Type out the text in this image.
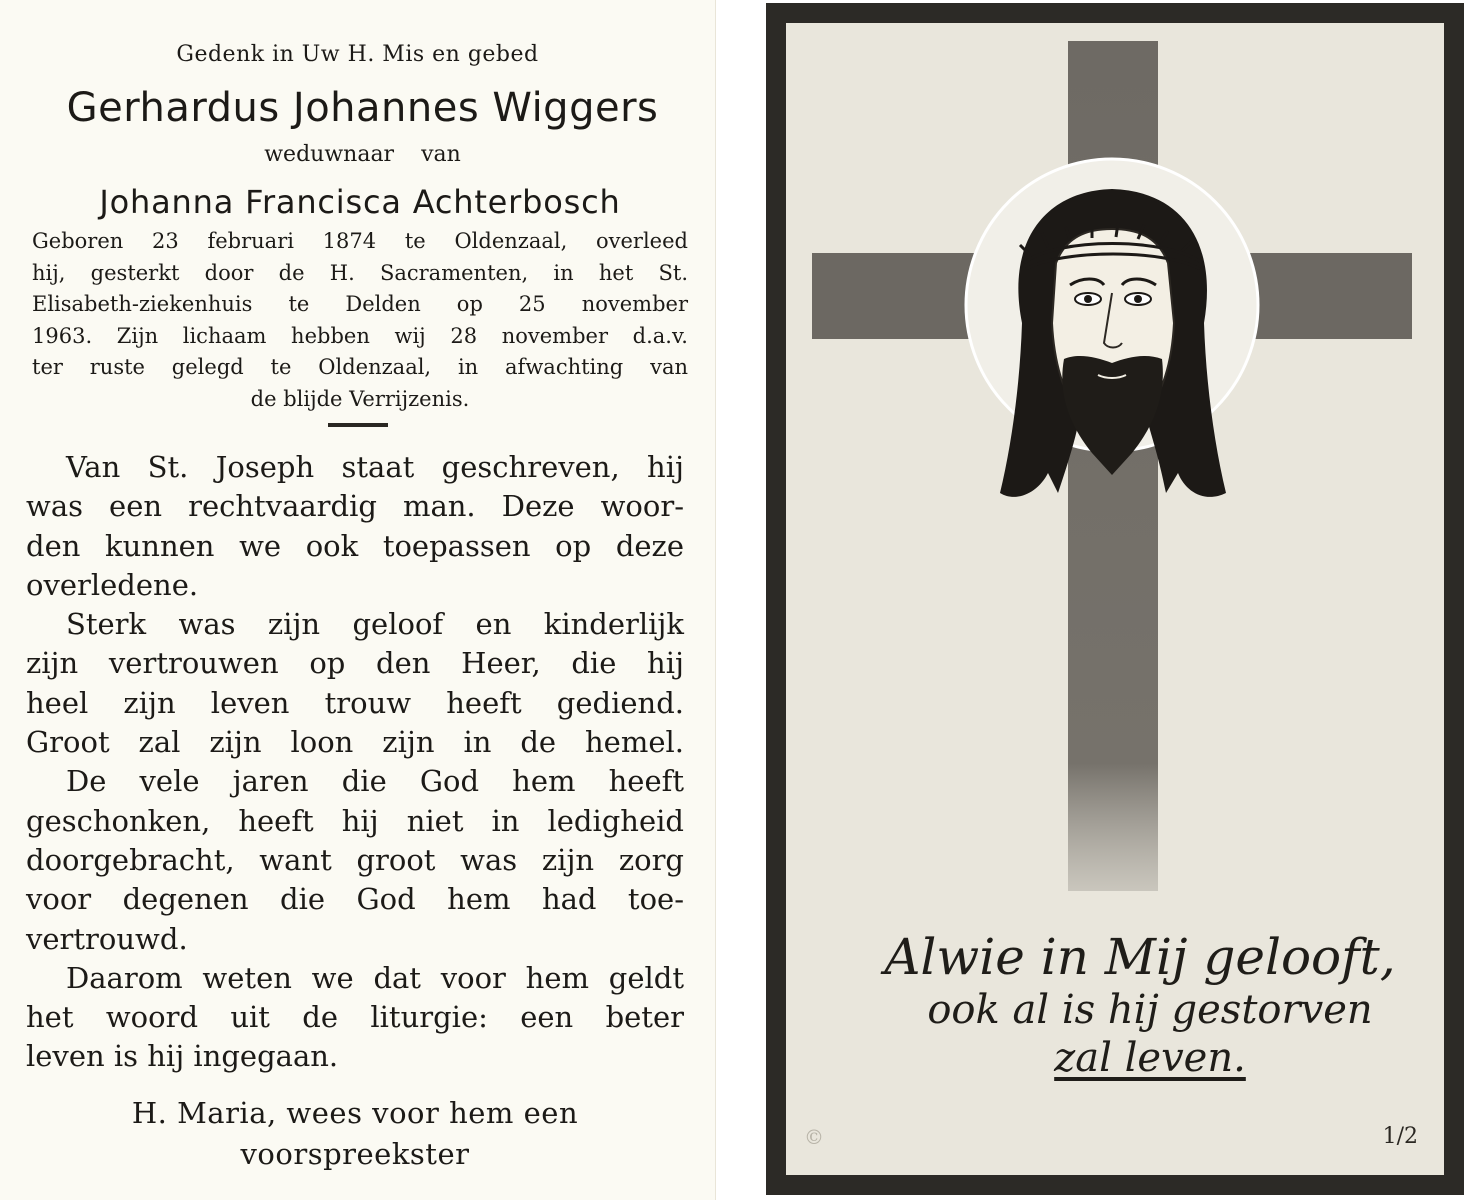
Gedenk in Uw H. Mis en gebed
Gerhardus Johannes Wiggers
weduwnaar van
Johanna Francisca Achterbosch
Geboren 23 februari 1874 te Oldenzaal, overleed
hij, gesterkt door de H. Sacramenten, in het St.
Elisabeth-ziekenhuis te Delden op 25 november
1963. Zijn lichaam hebben wij 28 november d.a.v.
ter ruste gelegd te Oldenzaal, in afwachting van
de blijde Verrijzenis.
Van St. Joseph staat geschreven, hij
was een rechtvaardig man. Deze woor-
den kunnen we ook toepassen op deze
overledene.
Sterk was zijn geloof en kinderlijk
zijn vertrouwen op den Heer, die hij
heel zijn leven trouw heeft gediend.
Groot zal zijn loon zijn in de hemel.
De vele jaren die God hem heeft
geschonken, heeft hij niet in ledigheid
doorgebracht, want groot was zijn zorg
voor degenen die God hem had toe-
vertrouwd.
Daarom weten we dat voor hem geldt
het woord uit de liturgie: een beter
leven is hij ingegaan.
H. Maria, wees voor hem een
voorspreekster
Alwie in Mij gelooft,
ook al is hij gestorven
zal leven.
©	1/2
